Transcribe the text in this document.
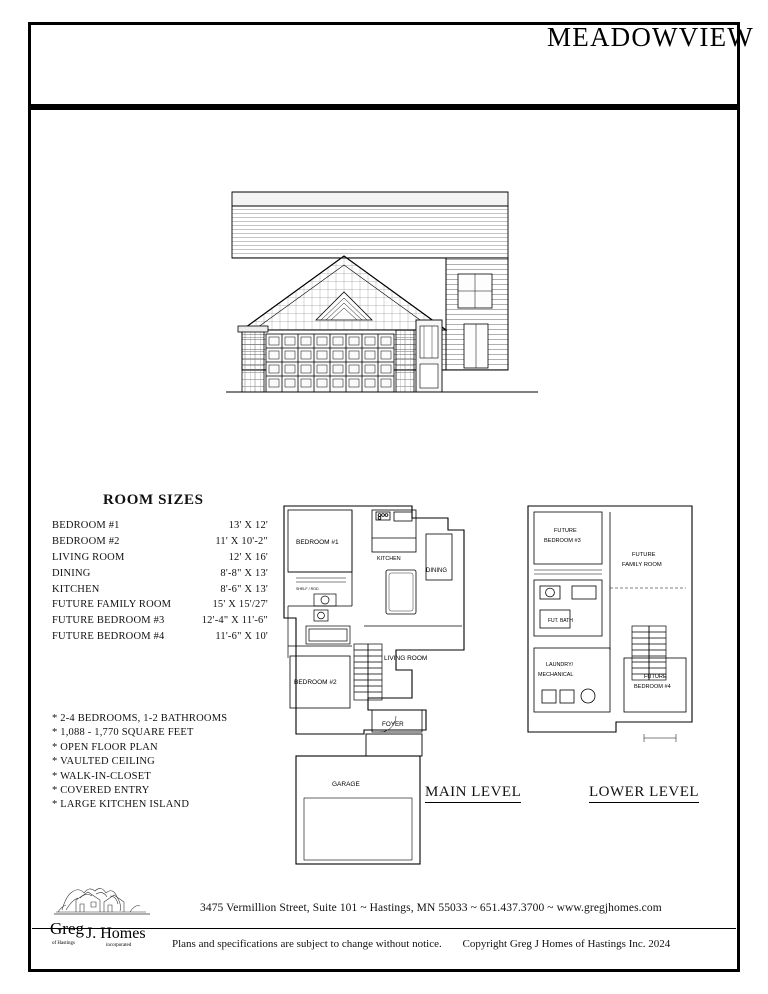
MEADOWVIEW
ROOM SIZES
BEDROOM #1	13' X 12'
BEDROOM #2	11' X 10'-2"
LIVING ROOM	12' X 16'
DINING	8'-8" X 13'
KITCHEN	8'-6" X 13'
FUTURE FAMILY ROOM	15' X 15'/27'
FUTURE BEDROOM #3	12'-4" X 11'-6"
FUTURE BEDROOM #4	11'-6" X 10'
* 2-4 BEDROOMS, 1-2 BATHROOMS
* 1,088 - 1,770 SQUARE FEET
* OPEN FLOOR PLAN
* VAULTED CEILING
* WALK-IN-CLOSET
* COVERED ENTRY
* LARGE KITCHEN ISLAND
BEDROOM #1
SHELF / ROD
KITCHEN
DINING
LIVING ROOM
BEDROOM #2
FOYER
GARAGE
FUTURE
BEDROOM #3
FUTURE
FAMILY ROOM
FUT. BATH
LAUNDRY/
MECHANICAL	FUTURE
BEDROOM #4
MAIN LEVEL	LOWER LEVEL
Greg J. Homes
of Hastings	incorporated
3475 Vermillion Street, Suite 101 ~ Hastings, MN 55033 ~ 651.437.3700 ~ www.gregjhomes.com
Plans and specifications are subject to change without notice. Copyright Greg J Homes of Hastings Inc. 2024
